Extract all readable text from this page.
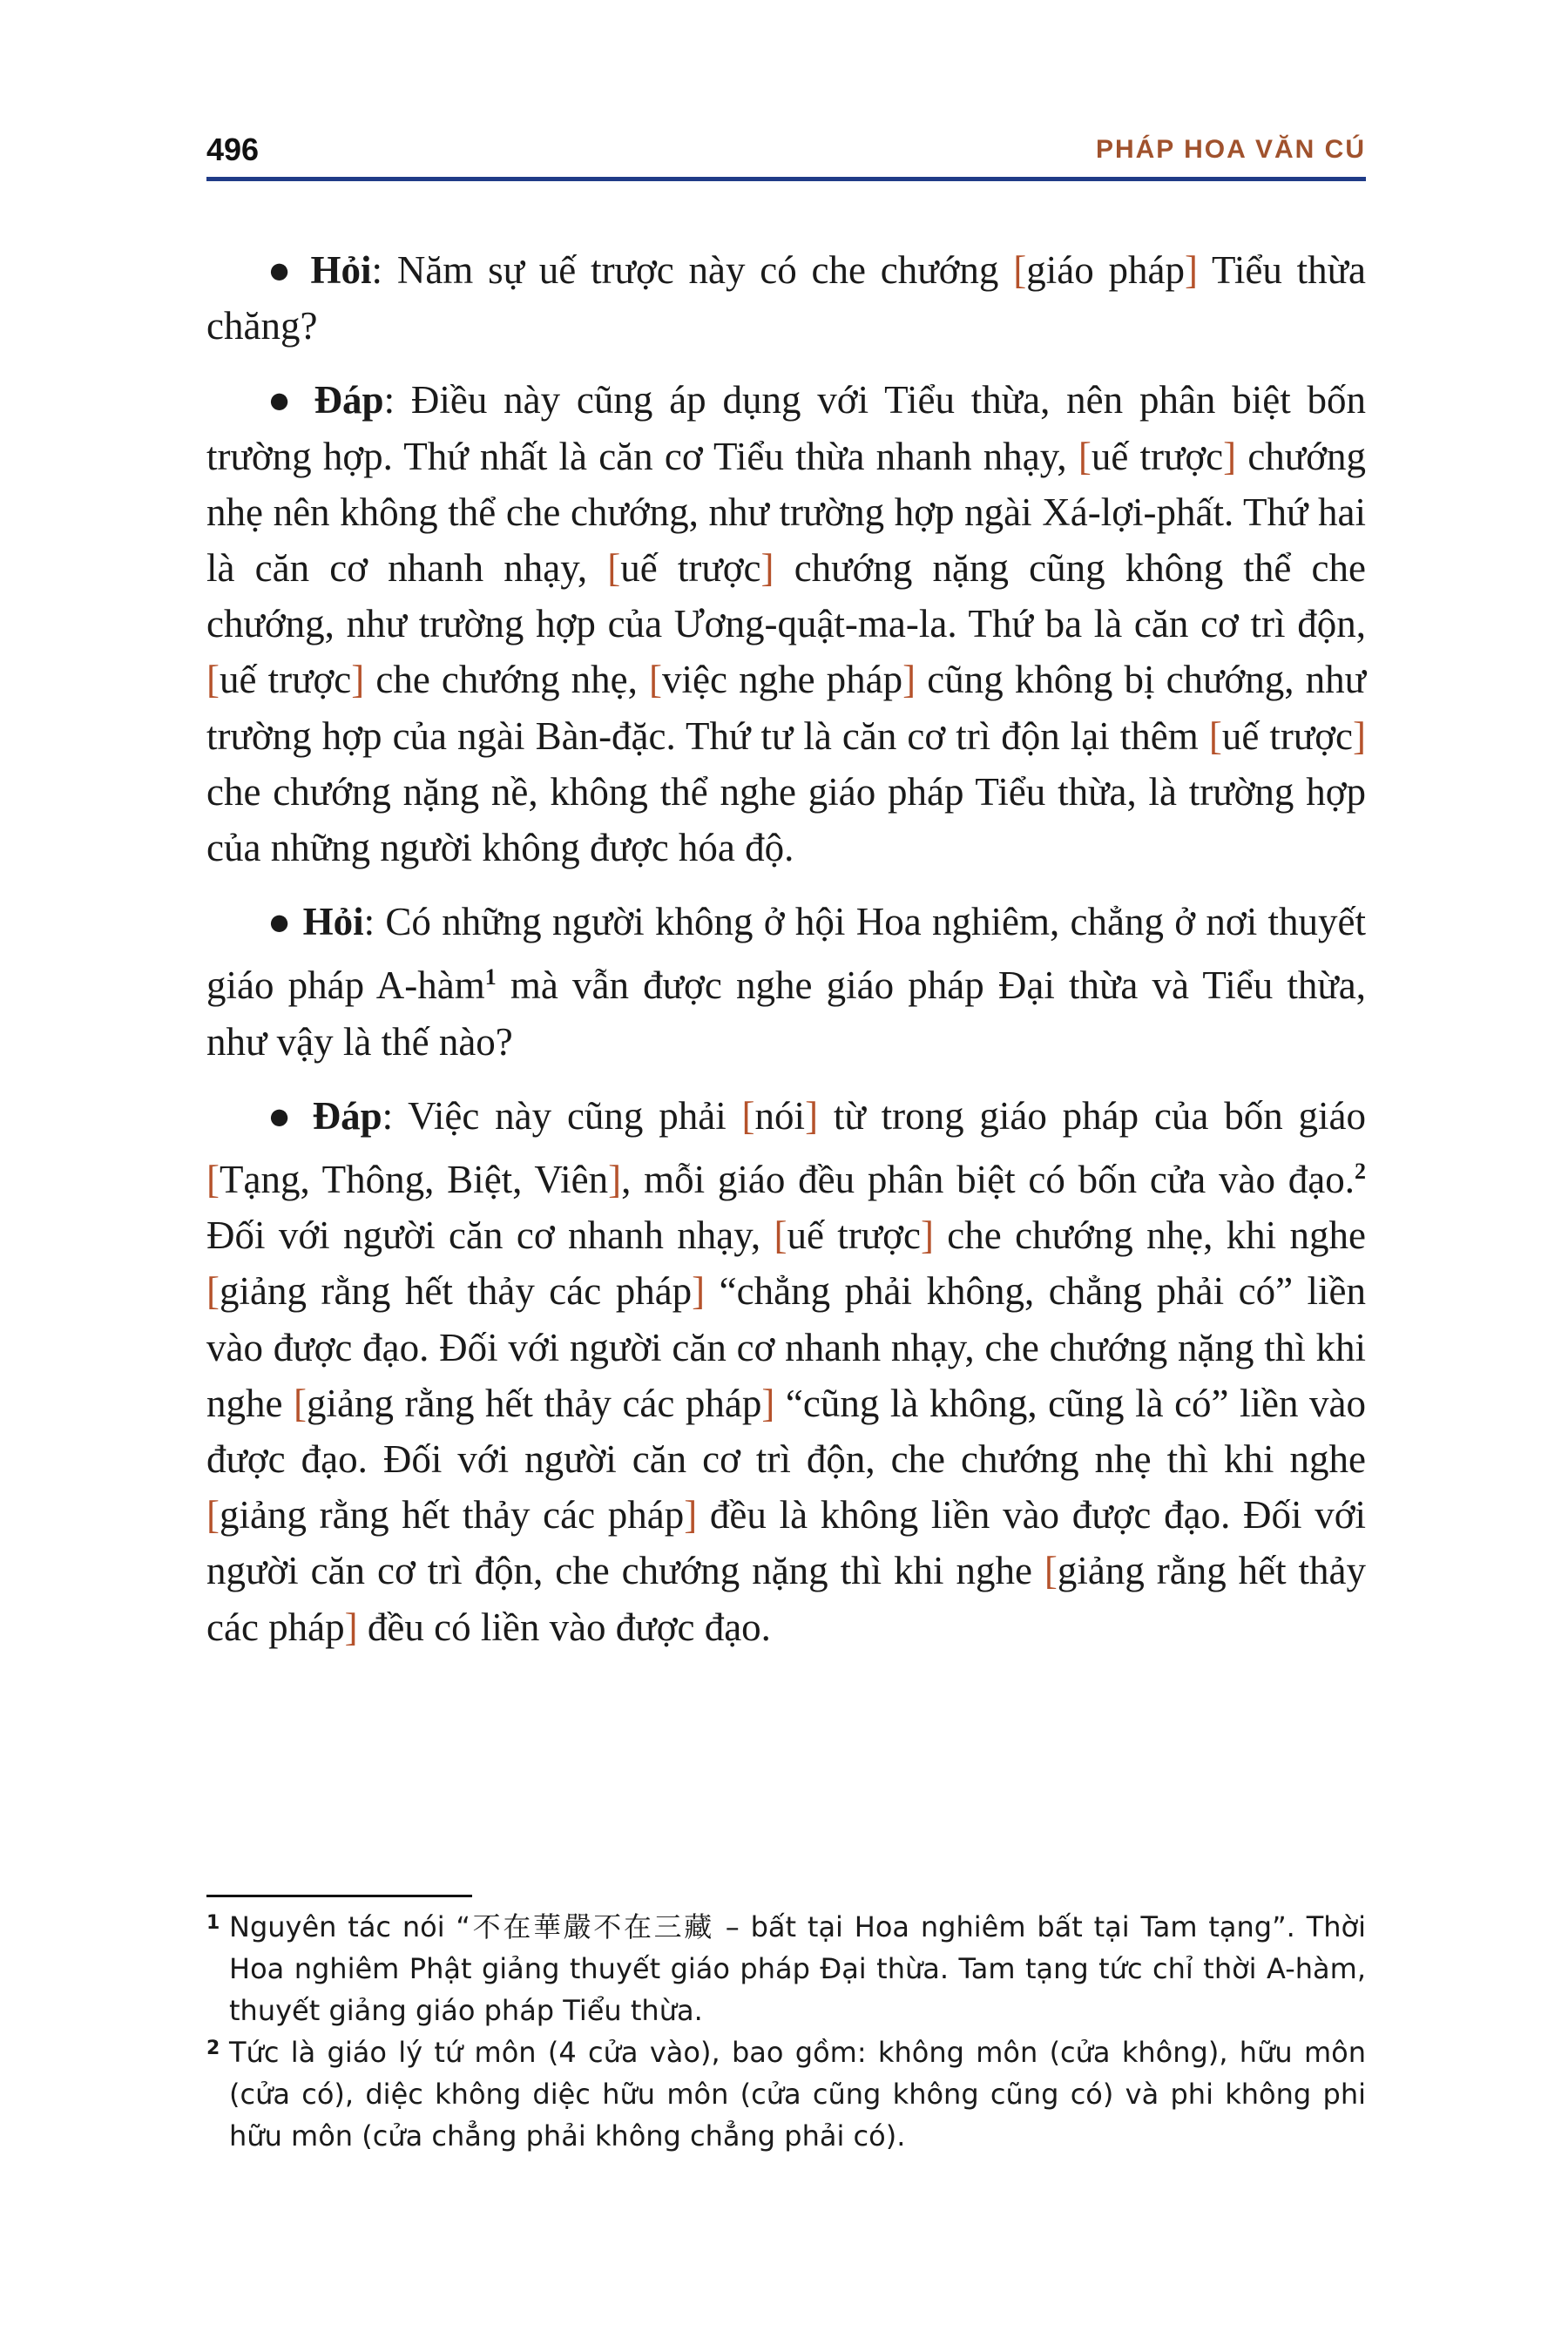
496	PHÁP HOA VĂN CÚ

● Hỏi: Năm sự uế trược này có che chướng [giáo pháp] Tiểu thừa chăng?

● Đáp: Điều này cũng áp dụng với Tiểu thừa, nên phân biệt bốn trường hợp. Thứ nhất là căn cơ Tiểu thừa nhanh nhạy, [uế trược] chướng nhẹ nên không thể che chướng, như trường hợp ngài Xá-lợi-phất. Thứ hai là căn cơ nhanh nhạy, [uế trược] chướng nặng cũng không thể che chướng, như trường hợp của Ương-quật-ma-la. Thứ ba là căn cơ trì độn, [uế trược] che chướng nhẹ, [việc nghe pháp] cũng không bị chướng, như trường hợp của ngài Bàn-đặc. Thứ tư là căn cơ trì độn lại thêm [uế trược] che chướng nặng nề, không thể nghe giáo pháp Tiểu thừa, là trường hợp của những người không được hóa độ.

● Hỏi: Có những người không ở hội Hoa nghiêm, chẳng ở nơi thuyết giáo pháp A-hàm$^1$ mà vẫn được nghe giáo pháp Đại thừa và Tiểu thừa, như vậy là thế nào?

● Đáp: Việc này cũng phải [nói] từ trong giáo pháp của bốn giáo [Tạng, Thông, Biệt, Viên], mỗi giáo đều phân biệt có bốn cửa vào đạo.$^2$ Đối với người căn cơ nhanh nhạy, [uế trược] che chướng nhẹ, khi nghe [giảng rằng hết thảy các pháp] “chẳng phải không, chẳng phải có” liền vào được đạo. Đối với người căn cơ nhanh nhạy, che chướng nặng thì khi nghe [giảng rằng hết thảy các pháp] “cũng là không, cũng là có” liền vào được đạo. Đối với người căn cơ trì độn, che chướng nhẹ thì khi nghe [giảng rằng hết thảy các pháp] đều là không liền vào được đạo. Đối với người căn cơ trì độn, che chướng nặng thì khi nghe [giảng rằng hết thảy các pháp] đều có liền vào được đạo.

1 Nguyên tác nói “不在華嚴不在三藏 – bất tại Hoa nghiêm bất tại Tam tạng”. Thời Hoa nghiêm Phật giảng thuyết giáo pháp Đại thừa. Tam tạng tức chỉ thời A-hàm, thuyết giảng giáo pháp Tiểu thừa.

2 Tức là giáo lý tứ môn (4 cửa vào), bao gồm: không môn (cửa không), hữu môn (cửa có), diệc không diệc hữu môn (cửa cũng không cũng có) và phi không phi hữu môn (cửa chẳng phải không chẳng phải có).
